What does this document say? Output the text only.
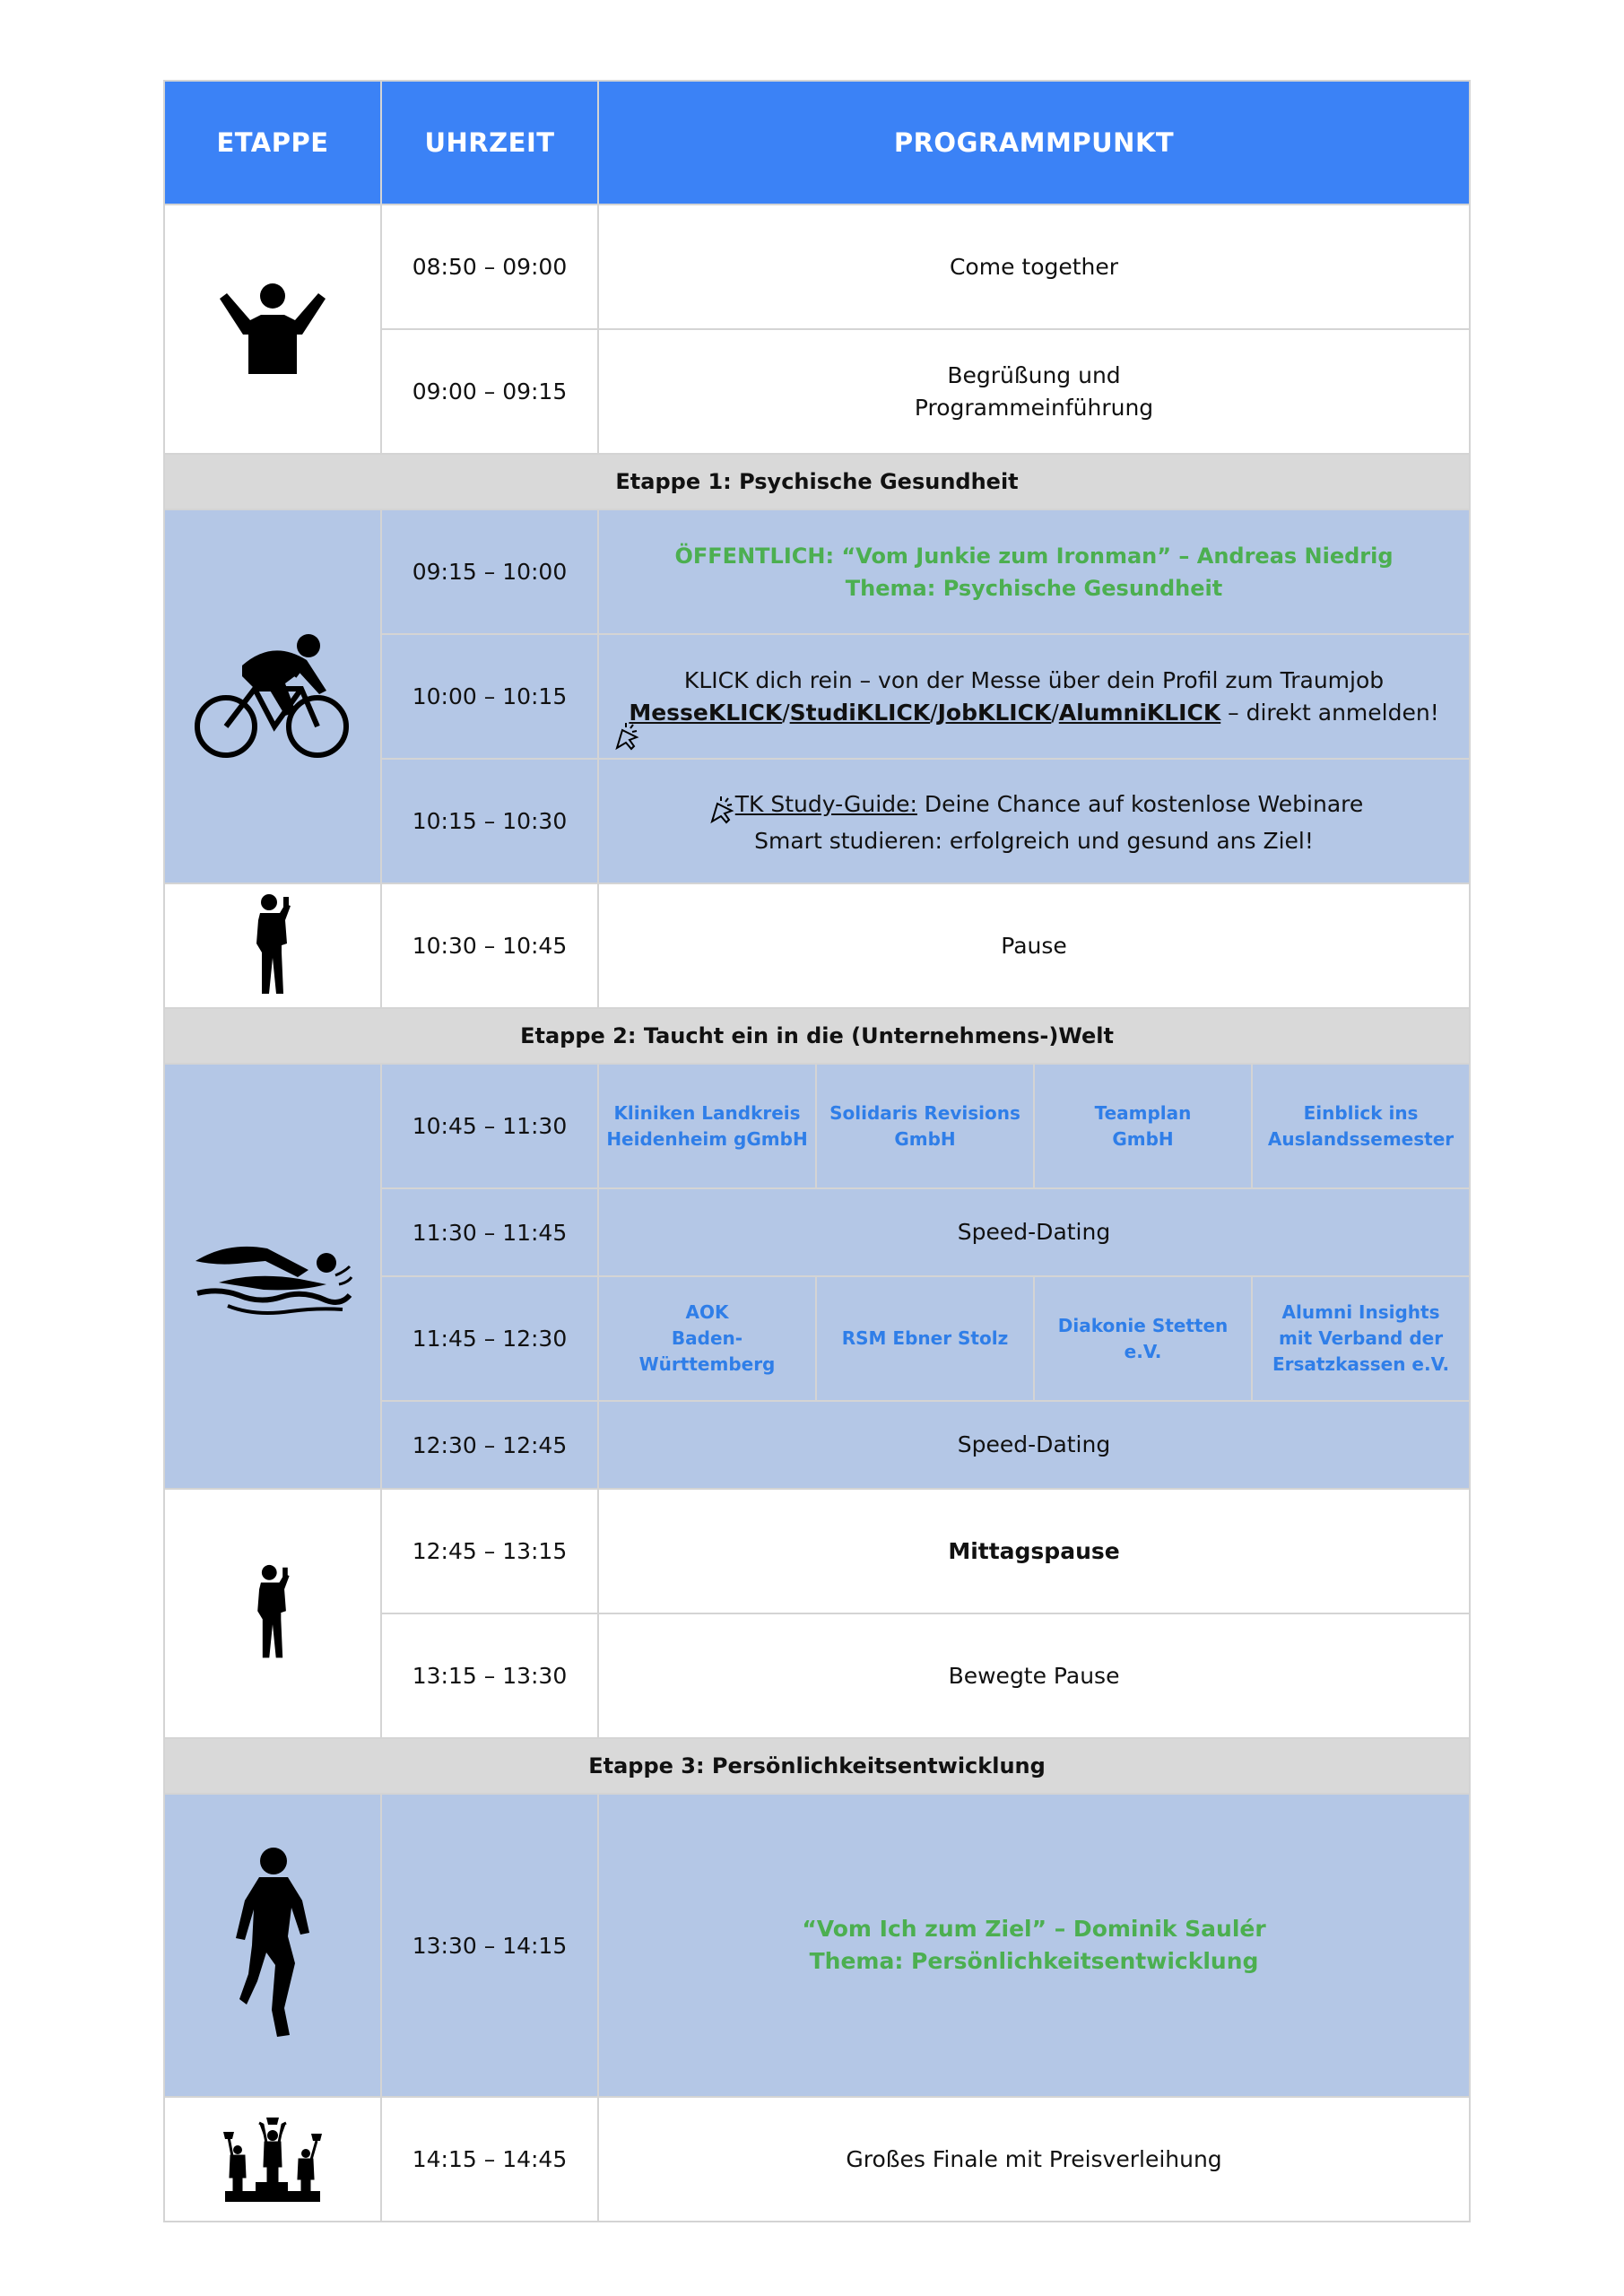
ETAPPE	UHRZEIT	PROGRAMMPUNKT			

	08:50 – 09:00	Come together			
	09:00 – 09:15	Begrüßung und
Programmeinführung			
Etappe 1: Psychische Gesundheit					

	09:15 – 10:00	ÖFFENTLICH: “Vom Junkie zum Ironman” – Andreas Niedrig
Thema: Psychische Gesundheit			
	10:00 – 10:15	KLICK dich rein – von der Messe über dein Profil zum Traumjob
MesseKLICK/StudiKLICK/JobKLICK/AlumniKLICK – direkt anmelden!			

	10:15 – 10:30	TK Study-Guide: Deine Chance auf kostenlose Webinare
Smart studieren: erfolgreich und gesund ans Ziel!			

	10:30 – 10:45	Pause			
Etappe 2: Taucht ein in die (Unternehmens-)Welt					

	10:45 – 11:30	Kliniken Landkreis
Heidenheim gGmbH	Solidaris Revisions
GmbH	Teamplan
GmbH	Einblick ins
Auslandssemester
	11:30 – 11:45	Speed-Dating			
	11:45 – 12:30	AOK
Baden-Württemberg	RSM Ebner Stolz	Diakonie Stetten e.V.	Alumni Insights
mit Verband der
Ersatzkassen e.V.
	12:30 – 12:45	Speed-Dating			

	12:45 – 13:15	Mittagspause			
	13:15 – 13:30	Bewegte Pause			
Etappe 3: Persönlichkeitsentwicklung					

	13:30 – 14:15	“Vom Ich zum Ziel” – Dominik Saulér
Thema: Persönlichkeitsentwicklung			

	14:15 – 14:45	Großes Finale mit Preisverleihung			
